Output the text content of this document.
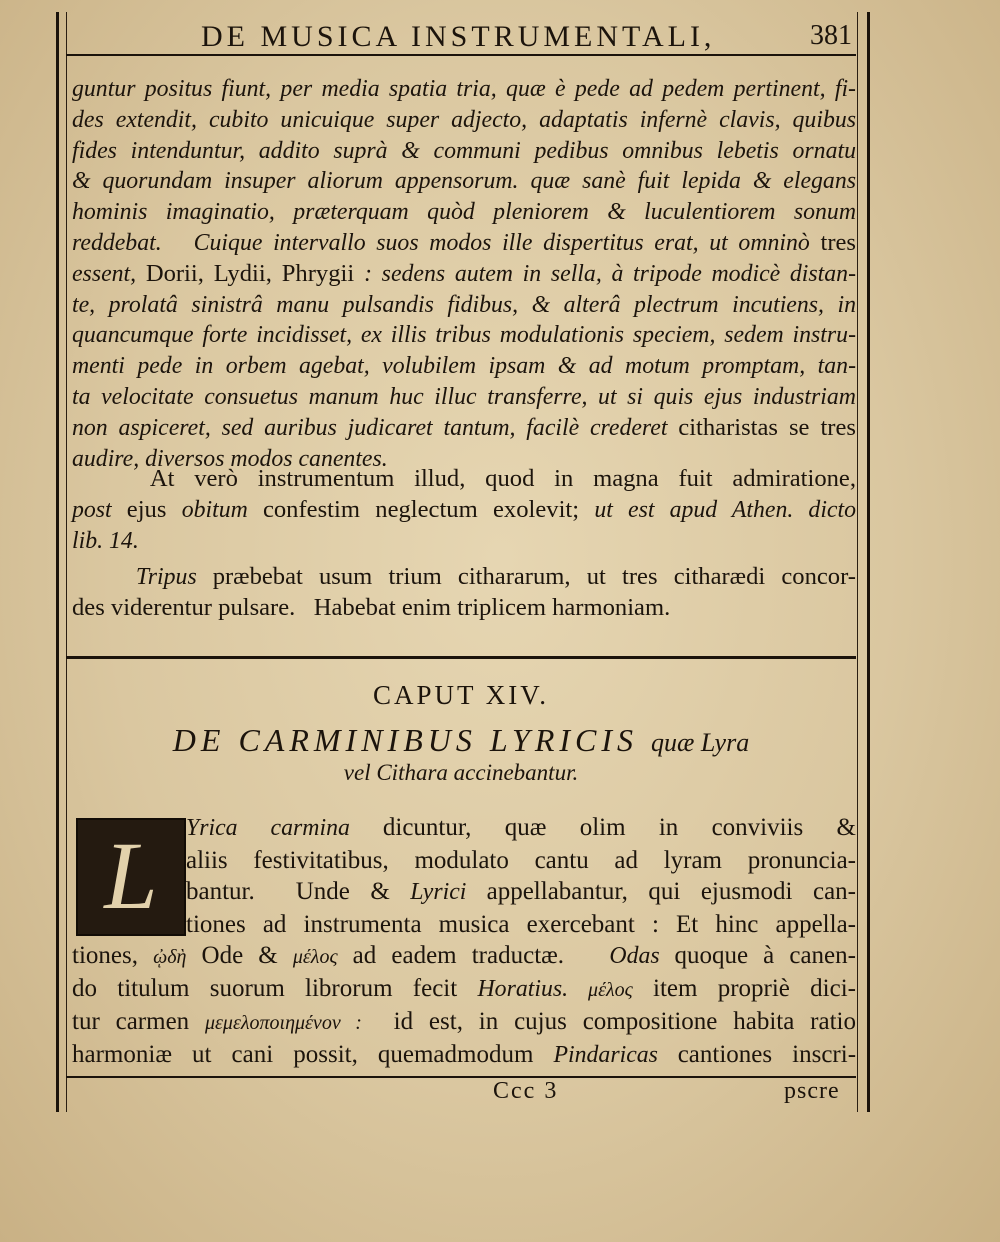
DE MUSICA INSTRUMENTALI,	381

guntur positus fiunt, per media spatia tria, quæ è pede ad pedem pertinent, fi-

des extendit, cubito unicuique super adjecto, adaptatis infernè clavis, quibus

fides intenduntur, addito suprà & communi pedibus omnibus lebetis ornatu

& quorundam insuper aliorum appensorum. quæ sanè fuit lepida & elegans

hominis imaginatio, præterquam quòd pleniorem & luculentiorem sonum

reddebat.   Cuique intervallo suos modos ille dispertitus erat, ut omninò tres

essent, Dorii, Lydii, Phrygii : sedens autem in sella, à tripode modicè distan-

te, prolatâ sinistrâ manu pulsandis fidibus, & alterâ plectrum incutiens, in

quancumque forte incidisset, ex illis tribus modulationis speciem, sedem instru-

menti pede in orbem agebat, volubilem ipsam & ad motum promptam, tan-

ta velocitate consuetus manum huc illuc transferre, ut si quis ejus industriam

non aspiceret, sed auribus judicaret tantum, facilè crederet citharistas se tres

audire, diversos modos canentes.

At verò instrumentum illud, quod in magna fuit admiratione,

post ejus obitum confestim neglectum exolevit; ut est apud Athen. dicto

lib. 14.

Tripus præbebat usum trium cithararum, ut tres citharædi concor-

des viderentur pulsare.   Habebat enim triplicem harmoniam.

CAPUT XIV.
DE CARMINIBUS LYRICIS quæ Lyra
vel Cithara accinebantur.
L	Yrica carmina dicuntur, quæ olim in conviviis &

aliis festivitatibus, modulato cantu ad lyram pronuncia-

bantur.  Unde & Lyrici appellabantur, qui ejusmodi can-

tiones ad instrumenta musica exercebant : Et hinc appella-

tiones, ᾠδὴ Ode & μέλος ad eadem traductæ.   Odas quoque à canen-

do titulum suorum librorum fecit Horatius. μέλος item propriè dici-

tur carmen μεμελοποιημένον :  id est, in cujus compositione habita ratio

harmoniæ ut cani possit, quemadmodum Pindaricas cantiones inscri-

Ccc 3	pscre
